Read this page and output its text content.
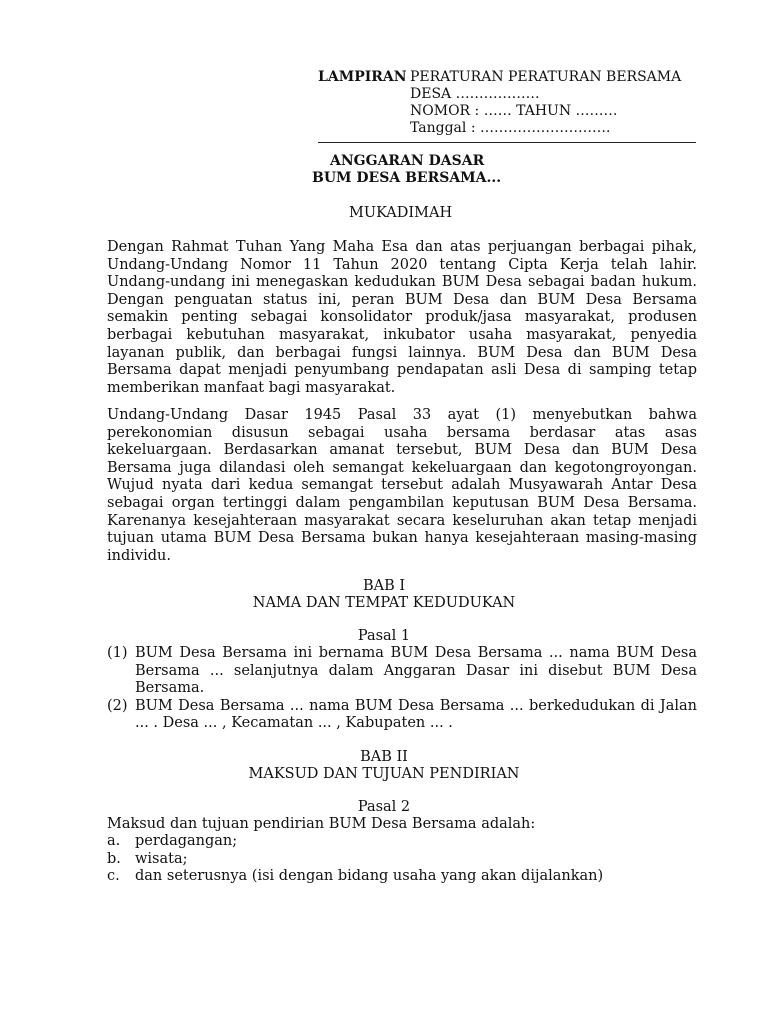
LAMPIRAN PERATURAN PERATURAN BERSAMA
DESA ………………
NOMOR : …… TAHUN ………
Tanggal : ……………………….
ANGGARAN DASAR
BUM DESA BERSAMA...
MUKADIMAH

Dengan Rahmat Tuhan Yang Maha Esa dan atas perjuangan berbagai pihak, Undang-Undang Nomor 11 Tahun 2020 tentang Cipta Kerja telah lahir. Undang-undang ini menegaskan kedudukan BUM Desa sebagai badan hukum. Dengan penguatan status ini, peran BUM Desa dan BUM Desa Bersama semakin penting sebagai konsolidator produk/jasa masyarakat, produsen berbagai kebutuhan masyarakat, inkubator usaha masyarakat, penyedia layanan publik, dan berbagai fungsi lainnya. BUM Desa dan BUM Desa Bersama dapat menjadi penyumbang pendapatan asli Desa di samping tetap memberikan manfaat bagi masyarakat.

Undang-Undang Dasar 1945 Pasal 33 ayat (1) menyebutkan bahwa perekonomian disusun sebagai usaha bersama berdasar atas asas kekeluargaan. Berdasarkan amanat tersebut, BUM Desa dan BUM Desa Bersama juga dilandasi oleh semangat kekeluargaan dan kegotongroyongan. Wujud nyata dari kedua semangat tersebut adalah Musyawarah Antar Desa sebagai organ tertinggi dalam pengambilan keputusan BUM Desa Bersama. Karenanya kesejahteraan masyarakat secara keseluruhan akan tetap menjadi tujuan utama BUM Desa Bersama bukan hanya kesejahteraan masing-masing individu.

BAB I
NAMA DAN TEMPAT KEDUDUKAN
Pasal 1
(1) BUM Desa Bersama ini bernama BUM Desa Bersama ... nama BUM Desa Bersama ... selanjutnya dalam Anggaran Dasar ini disebut BUM Desa Bersama.
(2) BUM Desa Bersama ... nama BUM Desa Bersama ... berkedudukan di Jalan ... . Desa ... , Kecamatan ... , Kabupaten ... .
BAB II
MAKSUD DAN TUJUAN PENDIRIAN
Pasal 2
Maksud dan tujuan pendirian BUM Desa Bersama adalah:
a.	perdagangan;
b. wisata;
c.	dan seterusnya (isi dengan bidang usaha yang akan dijalankan)
